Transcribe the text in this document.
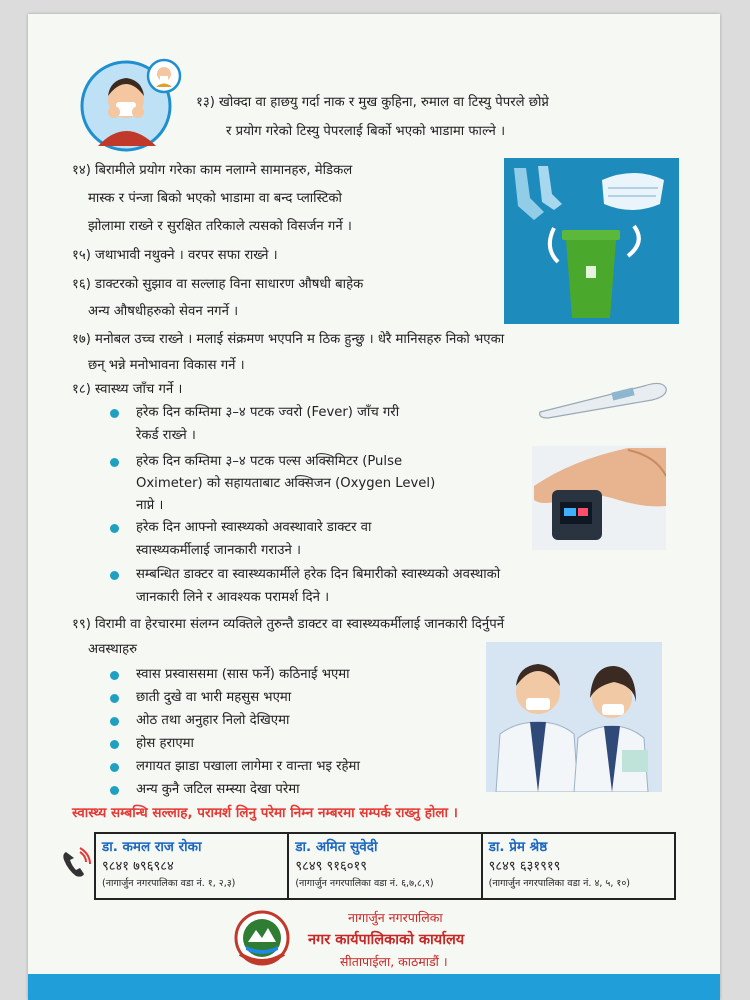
१३) खोक्दा वा हाछयु गर्दा नाक र मुख कुहिना, रुमाल वा टिस्यु पेपरले छोप्ने
र प्रयोग गरेको टिस्यु पेपरलाई बिर्को भएको भाडामा फाल्ने ।
१४) बिरामीले प्रयोग गरेका काम नलाग्ने सामानहरु, मेडिकल
मास्क र पंन्जा बिको भएको भाडामा वा बन्द प्लास्टिको
झोलामा राख्ने र सुरक्षित तरिकाले त्यसको विसर्जन गर्ने ।
१५) जथाभावी नथुक्ने । वरपर सफा राख्ने ।
१६) डाक्टरको सुझाव वा सल्लाह विना साधारण औषधी बाहेक
अन्य औषधीहरुको सेवन नगर्ने ।
१७) मनोबल उच्च राख्ने । मलाई संक्रमण भएपनि म ठिक हुन्छु । धेरै मानिसहरु निको भएका
छन् भन्ने मनोभावना विकास गर्ने ।
१८) स्वास्थ्य जाँच गर्ने ।
हरेक दिन कम्तिमा ३–४ पटक ज्वरो (Fever) जाँच गरी
रेकर्ड राख्ने ।
हरेक दिन कम्तिमा ३–४ पटक पल्स अक्सिमिटर (Pulse
Oximeter) को सहायताबाट अक्सिजन (Oxygen Level)
नाप्ने ।
हरेक दिन आफ्नो स्वास्थ्यको अवस्थावारे डाक्टर वा
स्वास्थ्यकर्मीलाई जानकारी गराउने ।
सम्बन्धित डाक्टर वा स्वास्थ्यकार्मीले हरेक दिन बिमारीको स्वास्थ्यको अवस्थाको
जानकारी लिने र आवश्यक परामर्श दिने ।
१९) विरामी वा हेरचारमा संलग्न व्यक्तिले तुरुन्तै डाक्टर वा स्वास्थ्यकर्मीलाई जानकारी दिर्नुपर्ने
अवस्थाहरु
स्वास प्रस्वाससमा (सास फर्ने) कठिनाई भएमा
छाती दुखे वा भारी महसुस भएमा
ओठ तथा अनुहार निलो देखिएमा
होस हराएमा
लगायत झाडा पखाला लागेमा र वान्ता भइ रहेमा
अन्य कुनै जटिल सम्स्या देखा परेमा
स्वास्थ्य सम्बन्धि सल्लाह, परामर्श लिनु परेमा निम्न नम्बरमा सम्पर्क राख्नु होला ।
डा. कमल राज रोका
९८४१ ७९६९८४
(नागार्जुन नगरपालिका वडा नं. १, २,३)
डा. अमित सुवेदी
९८४९ ९१६०१९
(नागार्जुन नगरपालिका वडा नं. ६,७,८,९)
डा. प्रेम श्रेष्ठ
९८४९ ६३१९१९
(नागार्जुन नगरपालिका वडा नं. ४, ५, १०)
नागार्जुन नगरपालिका
नगर कार्यपालिकाको कार्यालय
सीतापाईला, काठमाडौं ।
